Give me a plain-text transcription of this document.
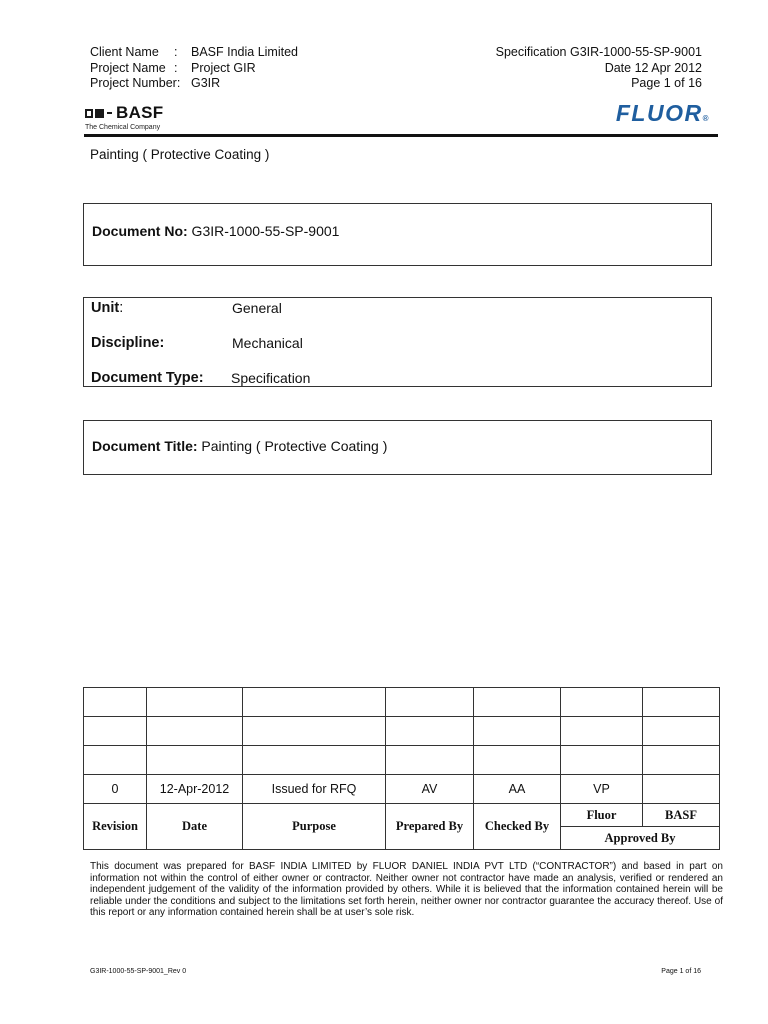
Client Name : BASF India Limited
Project Name : Project GIR
Project Number: G3IR
Specification G3IR-1000-55-SP-9001
Date 12 Apr 2012
Page 1 of 16
BASF
The Chemical Company
FLUOR®
Painting ( Protective Coating )
Document No: G3IR-1000-55-SP-9001
Unit:	General
Discipline:	Mechanical
Document Type: Specification
Document Title: Painting ( Protective Coating )

0	12-Apr-2012	Issued for RFQ	AV	AA	VP	
Revision	Date	Purpose	Prepared By	Checked By	Fluor	BASF
					Approved By	
This document was prepared for BASF INDIA LIMITED by FLUOR DANIEL INDIA PVT LTD (“CONTRACTOR”) and based in part on information not within the control of either owner or contractor. Neither owner not contractor have made an analysis, verified or rendered an independent judgement of the validity of the information provided by others. While it is believed that the information contained herein will be reliable under the conditions and subject to the limitations set forth herein, neither owner nor contractor guarantee the accuracy thereof. Use of this report or any information contained herein shall be at user’s sole risk.
G3IR-1000-55-SP-9001_Rev 0	Page 1 of 16
